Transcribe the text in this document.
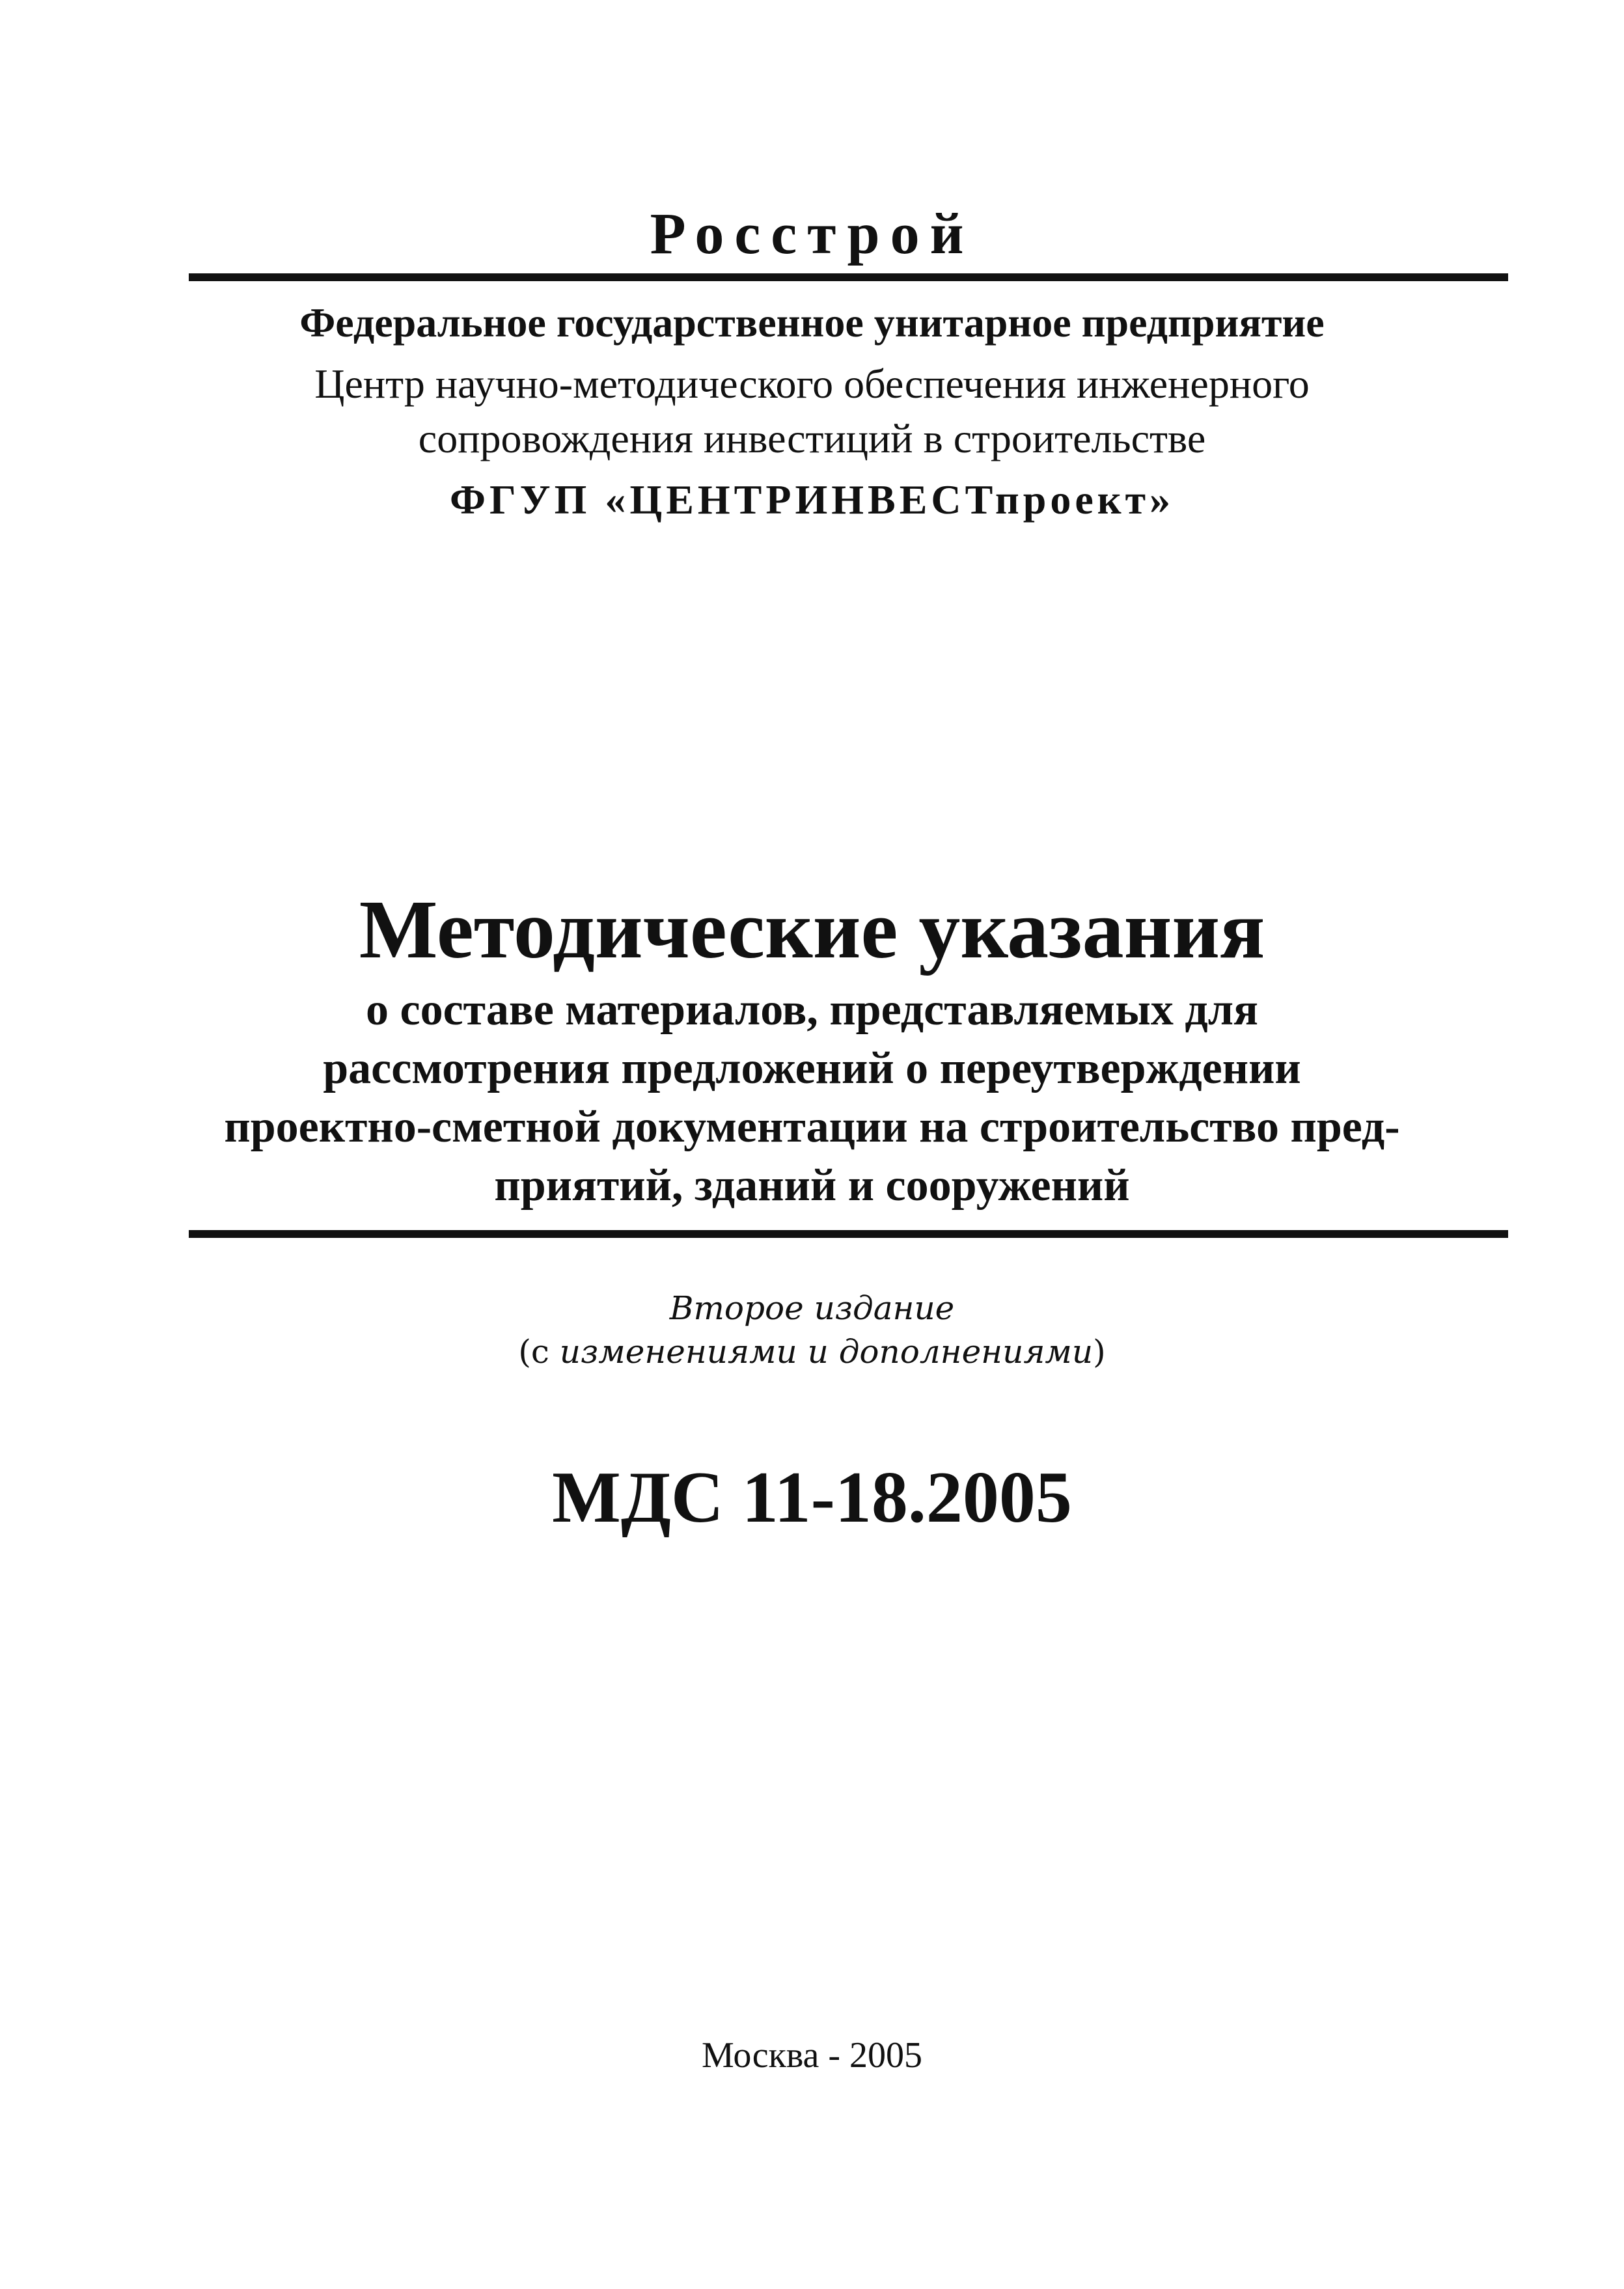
Росстрой
Федеральное государственное унитарное предприятие
Центр научно-методического обеспечения инженерного
сопровождения инвестиций в строительстве
ФГУП «ЦЕНТРИНВЕСТпроект»
Методические указания
о составе материалов, представляемых для
рассмотрения предложений о переутверждении
проектно-сметной документации на строительство пред-
приятий, зданий и сооружений
Второе издание
(с изменениями и дополнениями)
МДС 11-18.2005
Москва - 2005
